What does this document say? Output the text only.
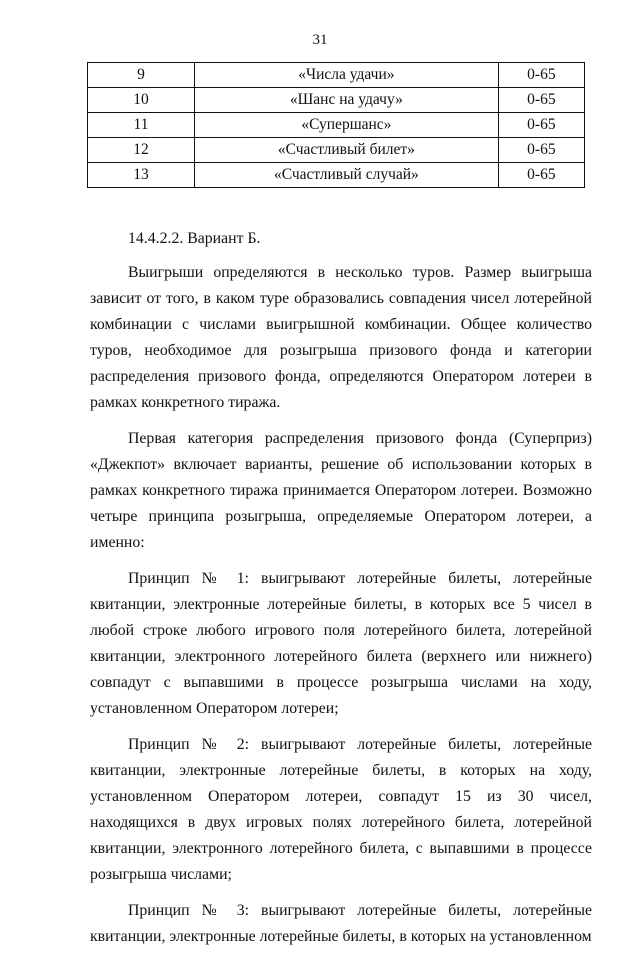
31
9	«Числа удачи»	0-65
10	«Шанс на удачу»	0-65
11	«Супершанс»	0-65
12	«Счастливый билет»	0-65
13	«Счастливый случай»	0-65

14.4.2.2. Вариант Б.

Выигрыши определяются в несколько туров. Размер выигрыша зависит от того, в каком туре образовались совпадения чисел лотерейной комбинации с числами выигрышной комбинации. Общее количество туров, необходимое для розыгрыша призового фонда и категории распределения призового фонда, определяются Оператором лотереи в рамках конкретного тиража.

Первая категория распределения призового фонда (Суперприз) «Джекпот» включает варианты, решение об использовании которых в рамках конкретного тиража принимается Оператором лотереи. Возможно четыре принципа розыгрыша, определяемые Оператором лотереи, а именно:

Принцип № 1: выигрывают лотерейные билеты, лотерейные квитанции, электронные лотерейные билеты, в которых все 5 чисел в любой строке любого игрового поля лотерейного билета, лотерейной квитанции, электронного лотерейного билета (верхнего или нижнего) совпадут с выпавшими в процессе розыгрыша числами на ходу, установленном Оператором лотереи;

Принцип № 2: выигрывают лотерейные билеты, лотерейные квитанции, электронные лотерейные билеты, в которых на ходу, установленном Оператором лотереи, совпадут 15 из 30 чисел, находящихся в двух игровых полях лотерейного билета, лотерейной квитанции, электронного лотерейного билета, с выпавшими в процессе розыгрыша числами;

Принцип № 3: выигрывают лотерейные билеты, лотерейные квитанции, электронные лотерейные билеты, в которых на установленном
